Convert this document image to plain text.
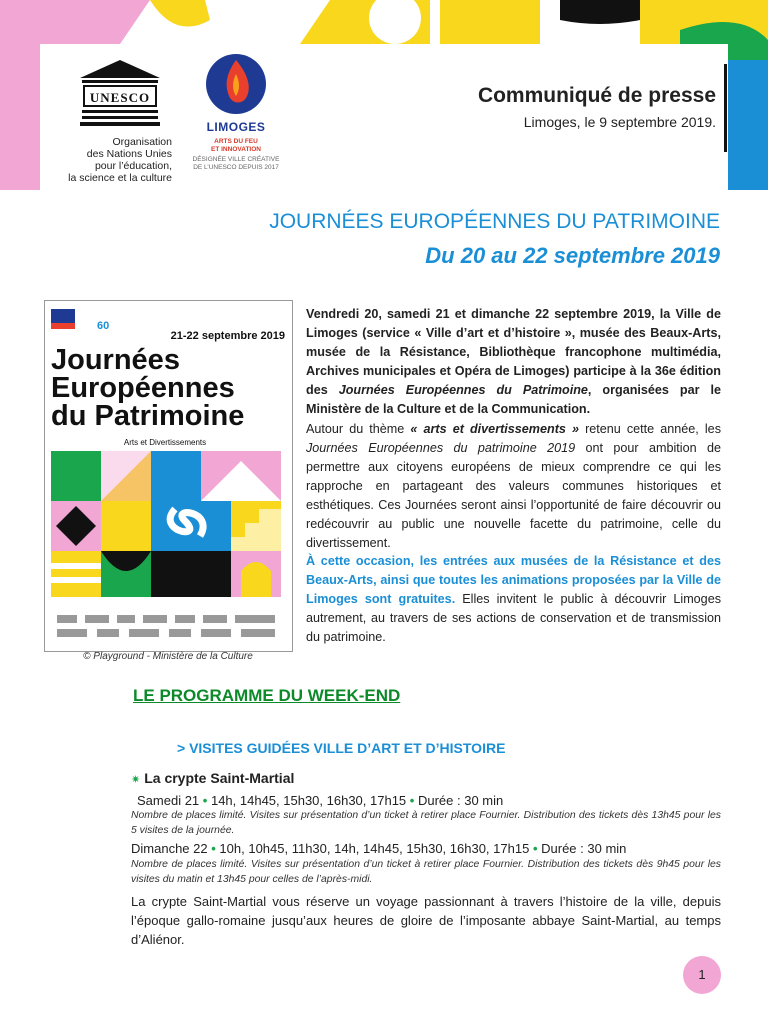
UNESCO
Organisation
des Nations Unies
pour l’éducation,
la science et la culture
LIMOGES
ARTS DU FEU
ET INNOVATION
DÉSIGNÉE VILLE CRÉATIVE
DE L’UNESCO DEPUIS 2017
Communiqué de presse
Limoges, le 9 septembre 2019.
JOURNÉES EUROPÉENNES DU PATRIMOINE
Du 20 au 22 septembre 2019
60
21-22 septembre 2019
Journées
Européennes
du Patrimoine
Arts et Divertissements
© Playground - Ministère de la Culture

Vendredi 20, samedi 21 et dimanche 22 septembre 2019, la Ville de Limoges (service « Ville d’art et d’histoire », musée des Beaux-Arts, musée de la Résistance, Bibliothèque francophone multimédia, Archives municipales et Opéra de Limoges) participe à la 36e édition des Journées Européennes du Patrimoine, organisées par le Ministère de la Culture et de la Communication.

Autour du thème « arts et divertissements » retenu cette année, les Journées Européennes du patrimoine 2019 ont pour ambition de permettre aux citoyens européens de mieux comprendre ce qui les rapproche en partageant des valeurs communes historiques et esthétiques. Ces Journées seront ainsi l’opportunité de faire découvrir ou redécouvrir au public une nouvelle facette du patrimoine, celle du divertissement.

À cette occasion, les entrées aux musées de la Résistance et des Beaux-Arts, ainsi que toutes les animations proposées par la Ville de Limoges sont gratuites. Elles invitent le public à découvrir Limoges autrement, au travers de ses actions de conservation et de transmission du patrimoine.

LE PROGRAMME DU WEEK-END
> VISITES GUIDÉES VILLE D’ART ET D’HISTOIRE
✷ La crypte Saint-Martial
Samedi 21 • 14h, 14h45, 15h30, 16h30, 17h15 • Durée : 30 min
Nombre de places limité. Visites sur présentation d’un ticket à retirer place Fournier. Distribution des tickets dès 13h45 pour les 5 visites de la journée.
Dimanche 22 • 10h, 10h45, 11h30, 14h, 14h45, 15h30, 16h30, 17h15 • Durée : 30 min
Nombre de places limité. Visites sur présentation d’un ticket à retirer place Fournier. Distribution des tickets dès 9h45 pour les visites du matin et 13h45 pour celles de l’après-midi.
La crypte Saint-Martial vous réserve un voyage passionnant à travers l’histoire de la ville, depuis l’époque gallo-romaine jusqu’aux heures de gloire de l’imposante abbaye Saint-Martial, au temps d’Aliénor.
1
